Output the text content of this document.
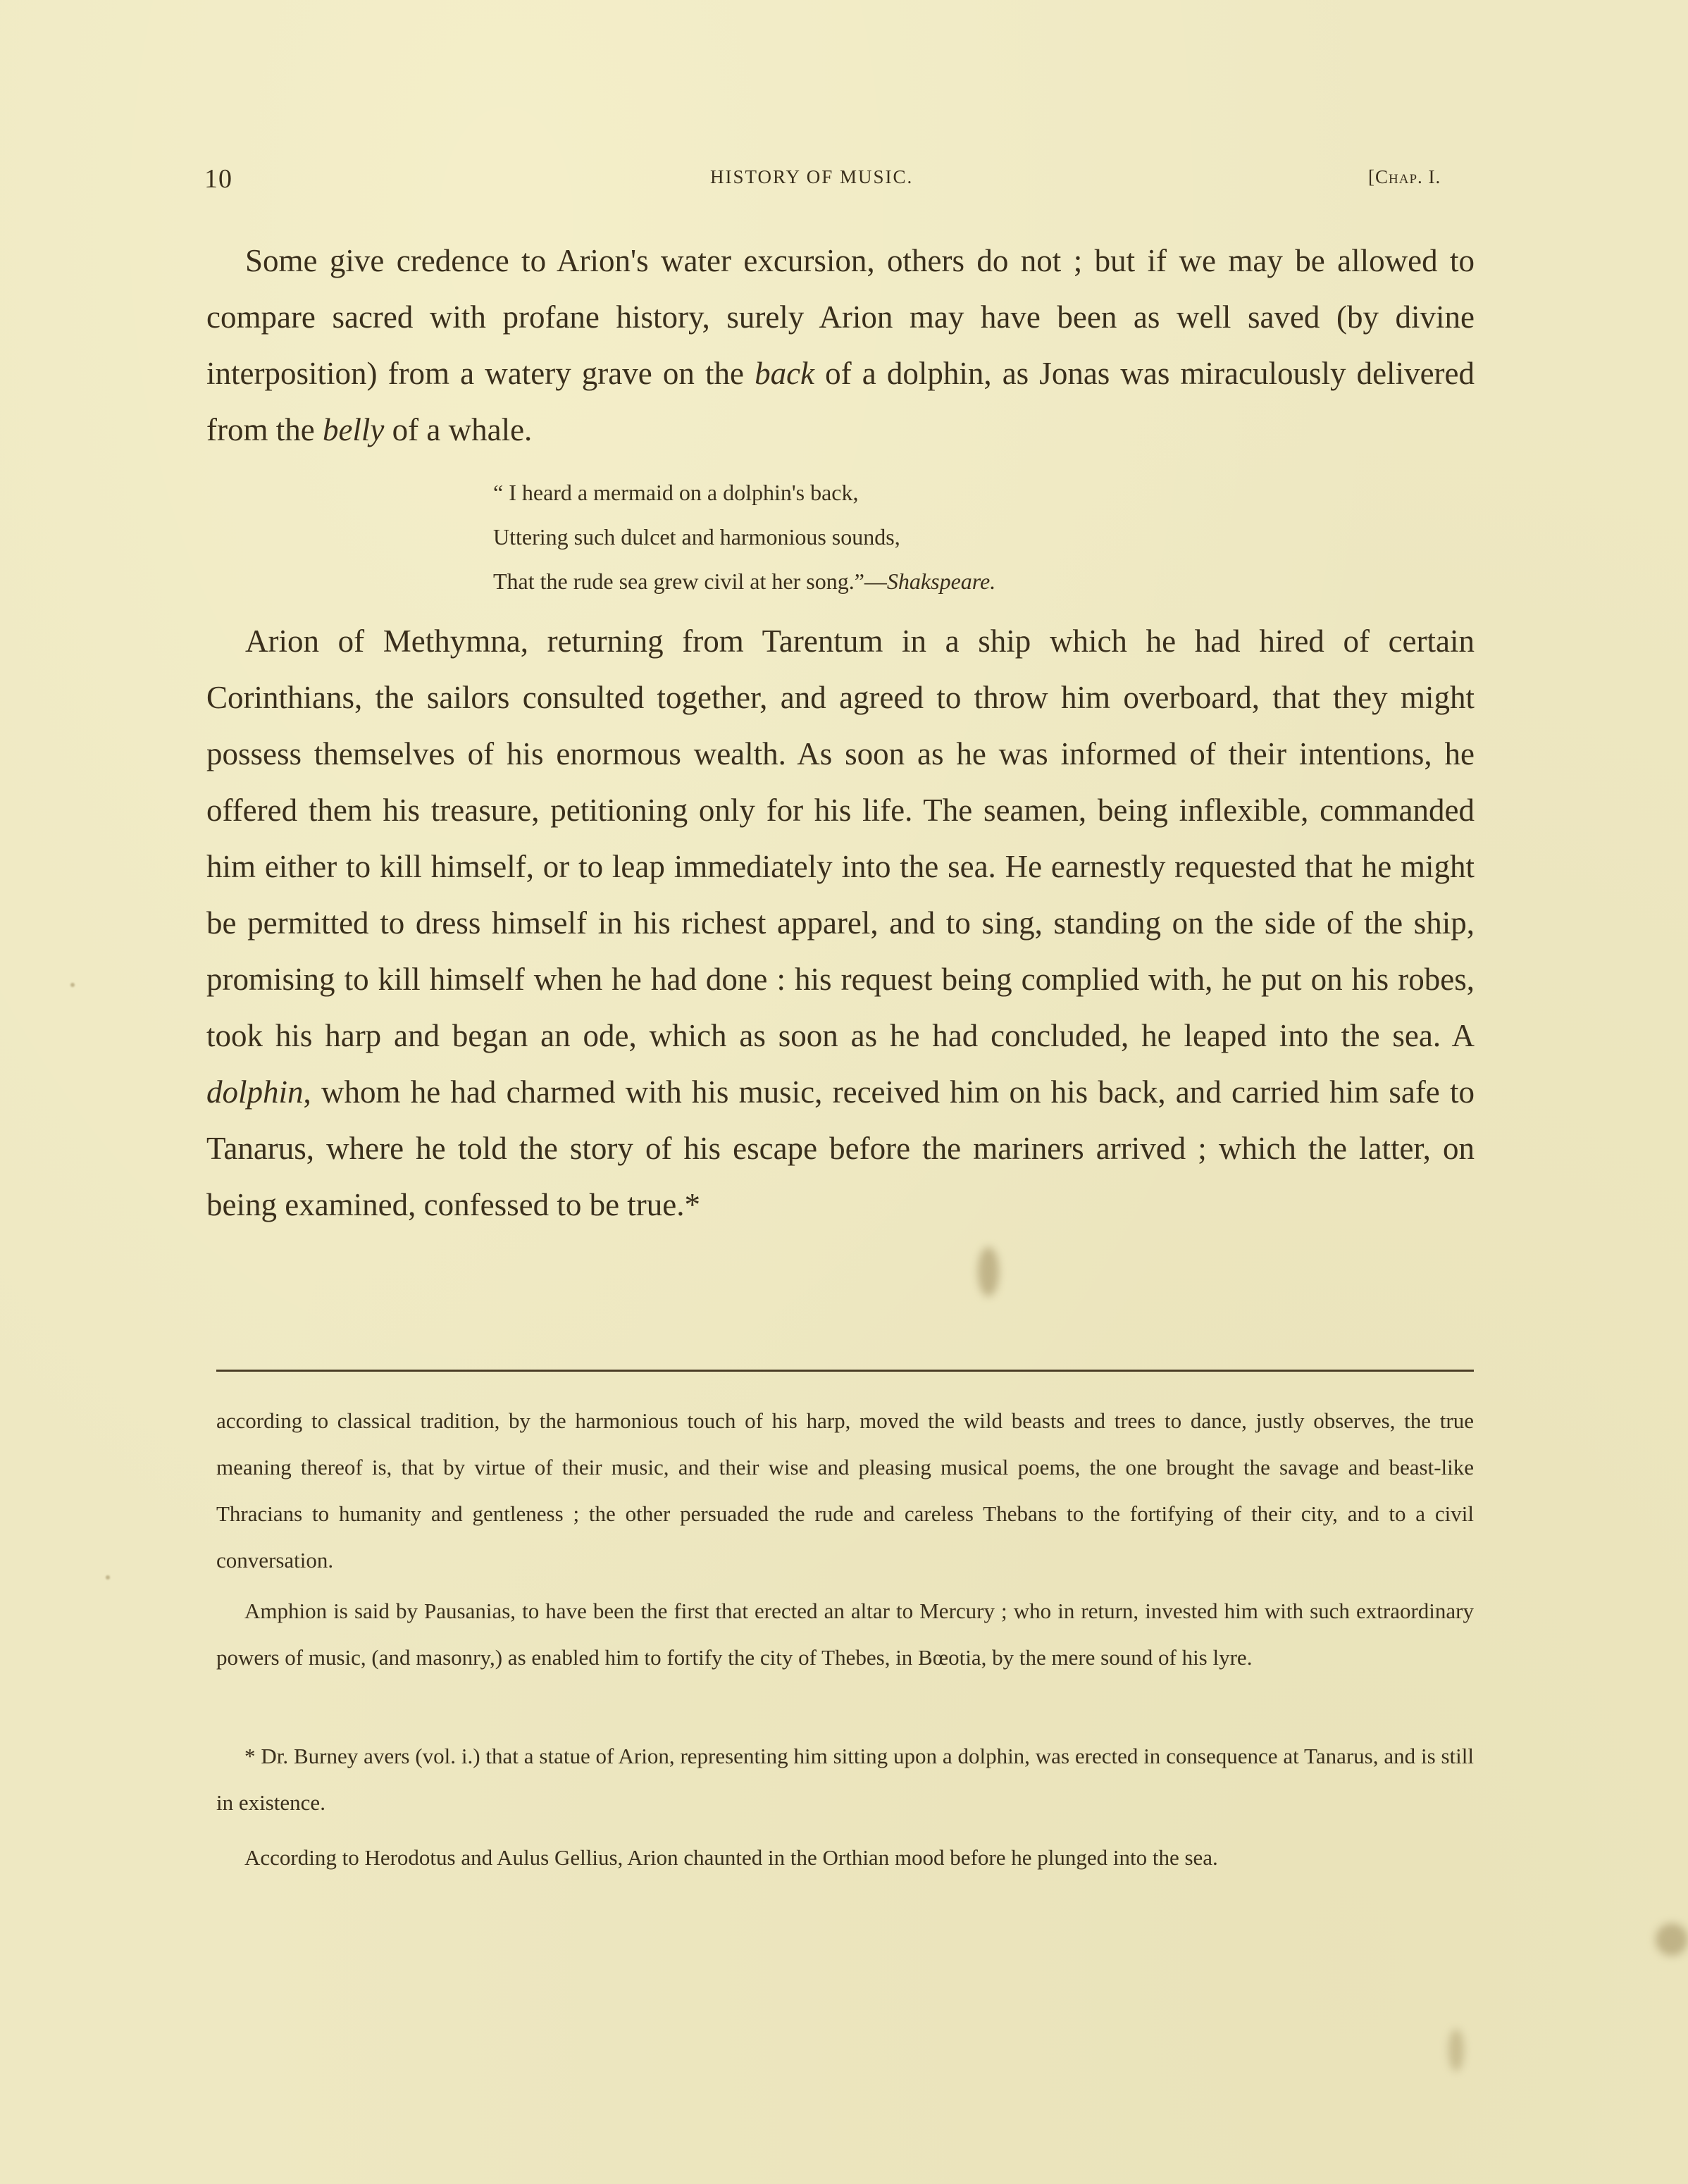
10	HISTORY OF MUSIC.	[Chap. I.

Some give credence to Arion's water excursion, others do not ; but if we may be allowed to compare sacred with profane history, surely Arion may have been as well saved (by divine interposition) from a watery grave on the back of a dolphin, as Jonas was miraculously delivered from the belly of a whale.

“ I heard a mermaid on a dolphin's back,
Uttering such dulcet and harmonious sounds,
That the rude sea grew civil at her song.”—Shakspeare.

Arion of Methymna, returning from Tarentum in a ship which he had hired of certain Corinthians, the sailors consulted together, and agreed to throw him overboard, that they might possess themselves of his enormous wealth. As soon as he was informed of their intentions, he offered them his treasure, petitioning only for his life. The seamen, being inflexible, commanded him either to kill himself, or to leap immediately into the sea. He earnestly requested that he might be permitted to dress himself in his richest apparel, and to sing, standing on the side of the ship, promising to kill himself when he had done : his request being complied with, he put on his robes, took his harp and began an ode, which as soon as he had concluded, he leaped into the sea. A dolphin, whom he had charmed with his music, received him on his back, and carried him safe to Tanarus, where he told the story of his escape before the mariners arrived ; which the latter, on being examined, confessed to be true.*

according to classical tradition, by the harmonious touch of his harp, moved the wild beasts and trees to dance, justly observes, the true meaning thereof is, that by virtue of their music, and their wise and pleasing musical poems, the one brought the savage and beast-like Thracians to humanity and gentleness ; the other persuaded the rude and careless Thebans to the fortifying of their city, and to a civil conversation.

Amphion is said by Pausanias, to have been the first that erected an altar to Mercury ; who in return, invested him with such extraordinary powers of music, (and masonry,) as enabled him to fortify the city of Thebes, in Bœotia, by the mere sound of his lyre.

* Dr. Burney avers (vol. i.) that a statue of Arion, representing him sitting upon a dolphin, was erected in consequence at Tanarus, and is still in existence.

According to Herodotus and Aulus Gellius, Arion chaunted in the Orthian mood before he plunged into the sea.
